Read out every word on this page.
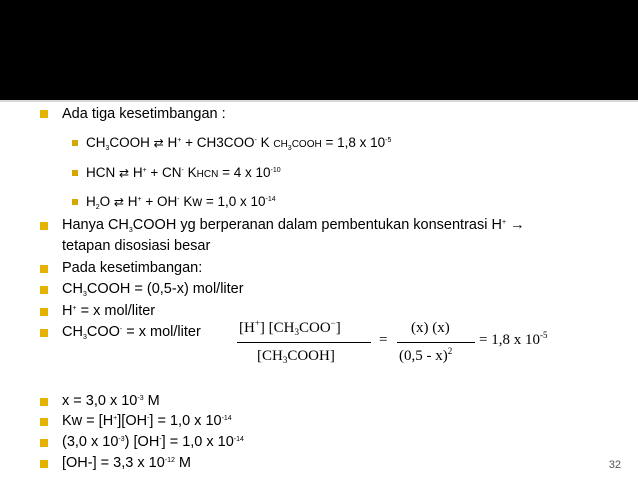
Ada tiga kesetimbangan :
$CH_3COOH$ ⇄ H+ + CH3COO- K $CH_3COOH = 1,8$ x $10^{-5}$
HCN ⇄ H+ + CN- KHCN = 4 x $10^{-10}$
$H_2O$ ⇄ H+ + OH- Kw = 1,0 x $10^{-14}$
Hanya $CH_3COOH$ yg berperanan dalam pembentukan konsentrasi H+ →
tetapan disosiasi besar
Pada kesetimbangan:
$CH_3COOH = (0,5-x)$ mol/liter
H+ = x mol/liter
$CH_3COO^- = x$ mol/liter
x = 3,0 x $10^{-3}$ M
Kw = [H+][OH-] = 1,0 x $10^{-14}$
(3,0 x $10^{-3}$) [OH-] = 1,0 x $10^{-14}$
[OH-] = 3,3 x $10^{-12}$ M	32
[H+] $[CH_3COO^-]$
$[CH_3COOH]$
=
(x) (x)
(0,5 - x)$^2$
= 1,8 x $10^{-5}$
